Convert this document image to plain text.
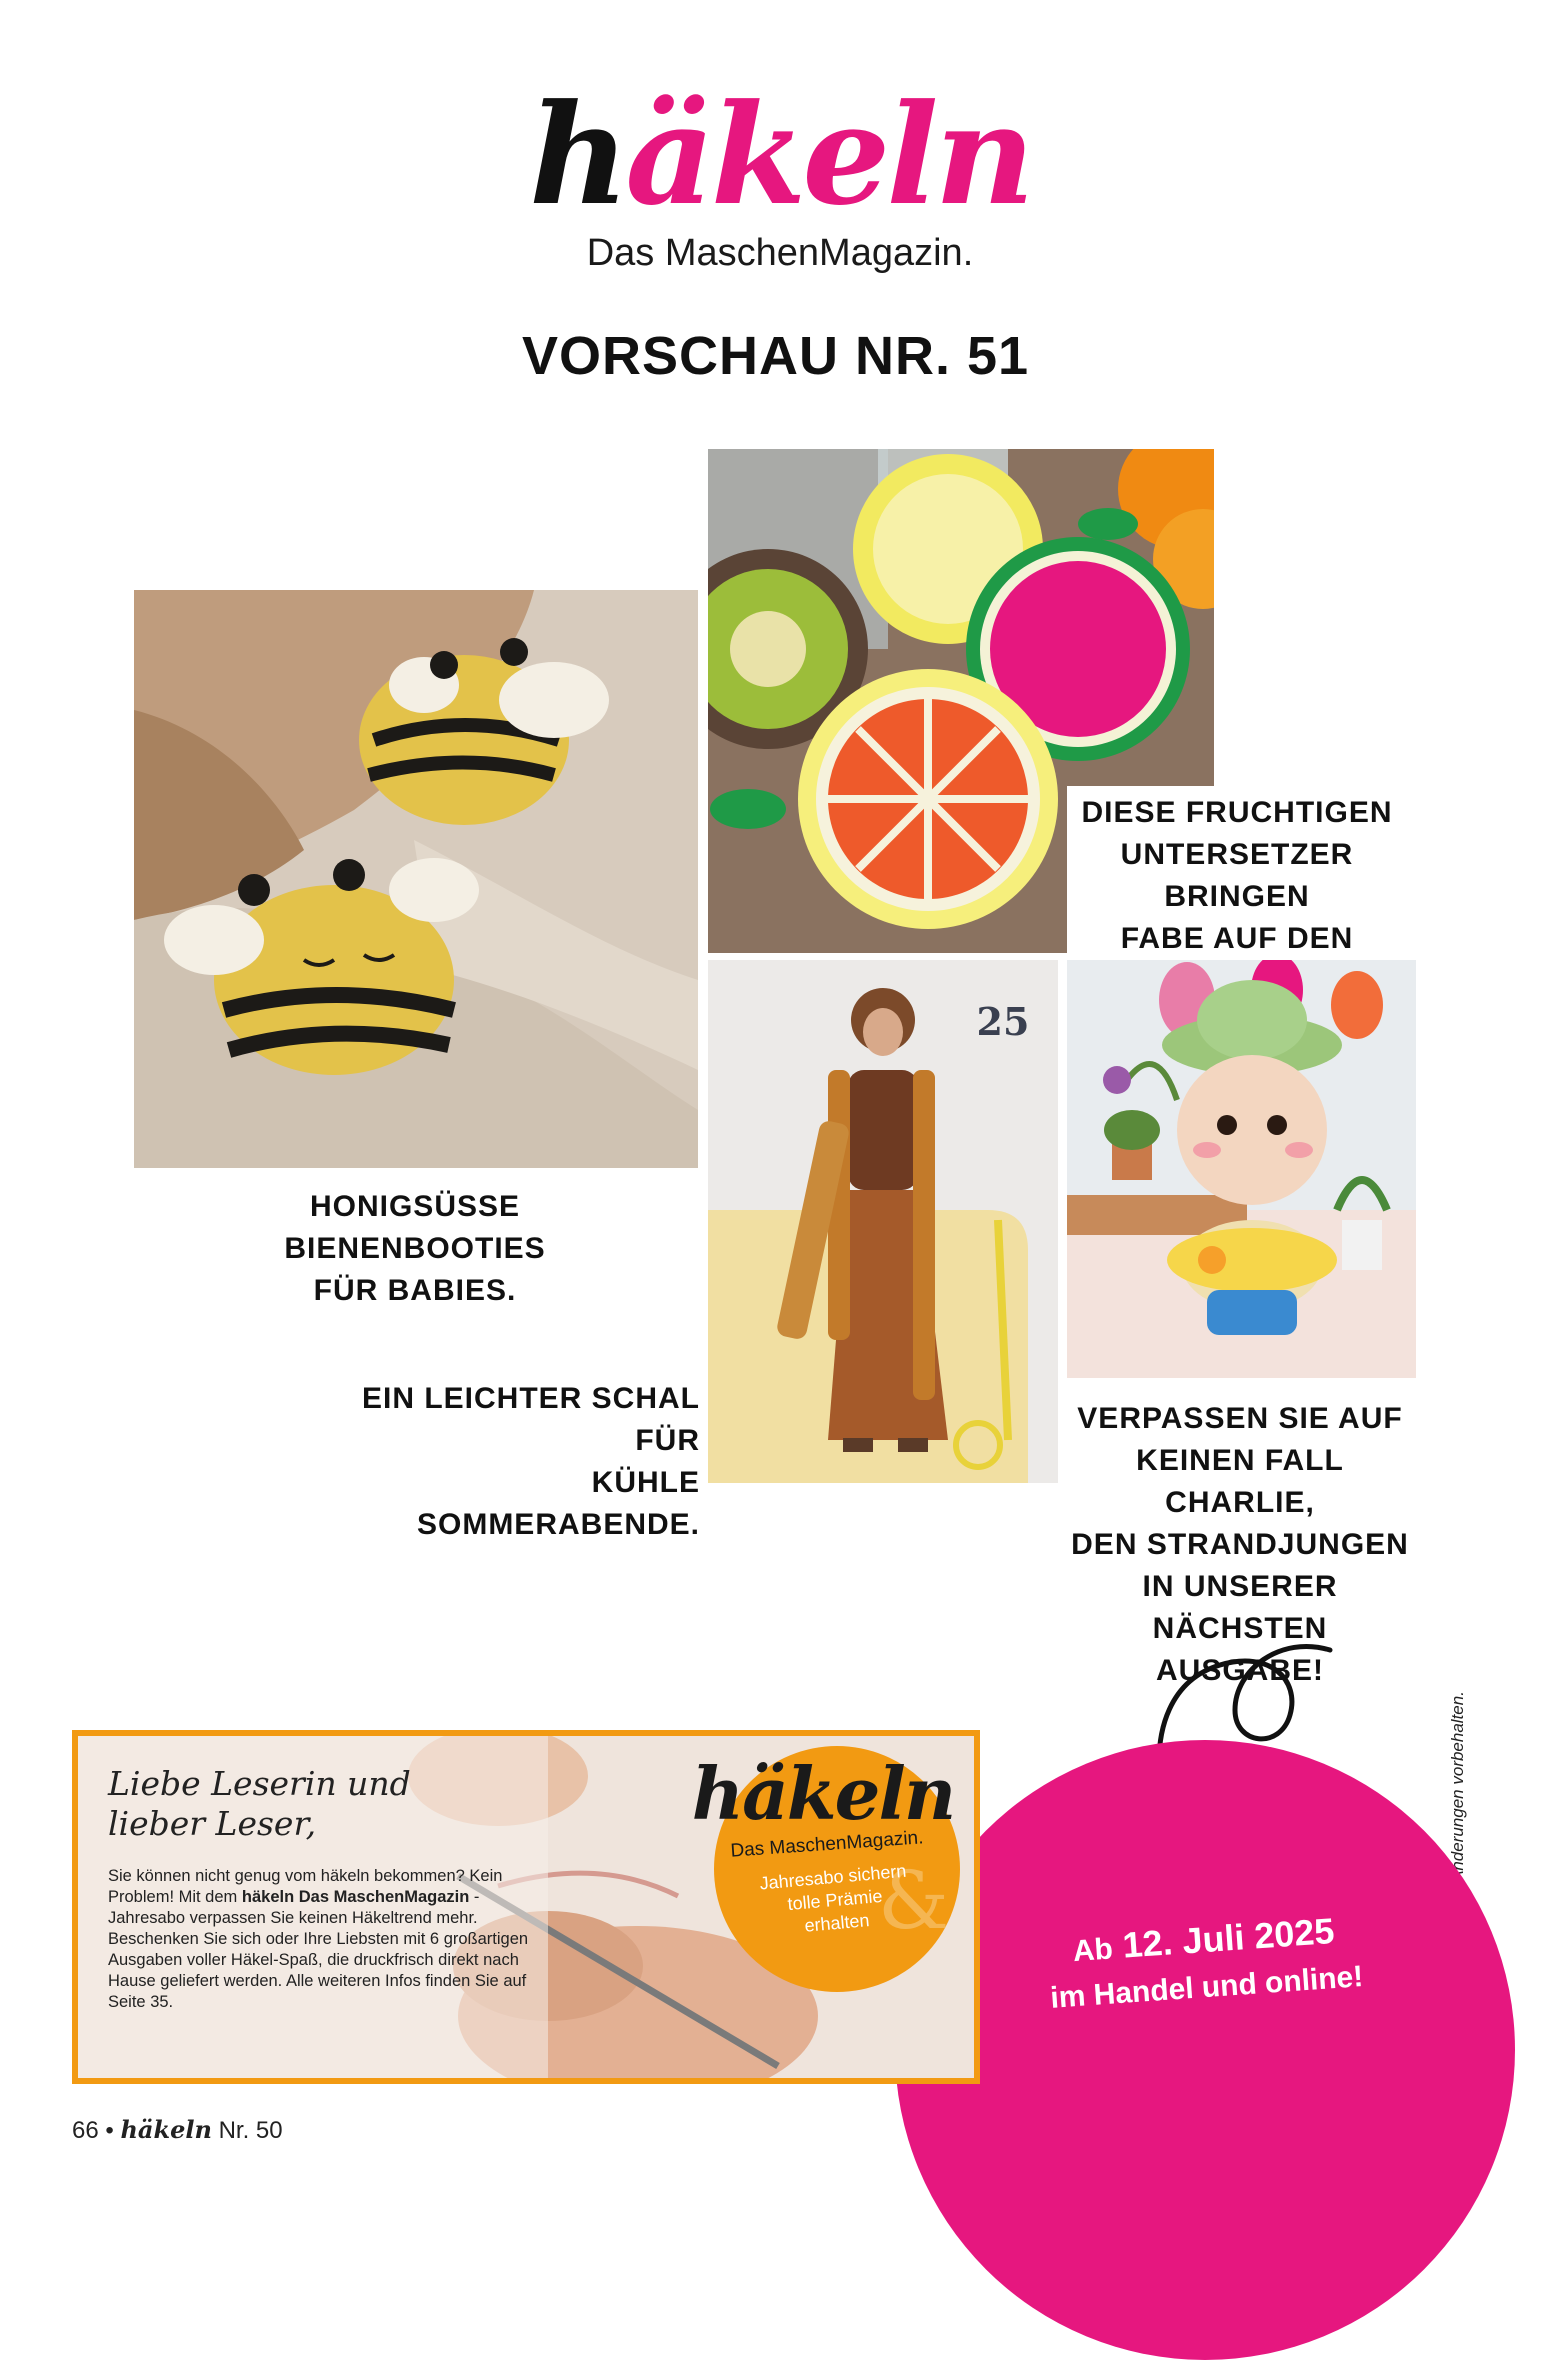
häkeln
Das MaschenMagazin.
VORSCHAU NR. 51
DIESE FRUCHTIGEN
UNTERSETZER BRINGEN
FABE AUF DEN
25
EIN LEICHTER SCHAL FÜR
KÜHLE SOMMERABENDE.
HONIGSÜSSE BIENENBOOTIES
FÜR BABIES.
VERPASSEN SIE AUF
KEINEN FALL CHARLIE,
DEN STRANDJUNGEN
IN UNSERER NÄCHSTEN
AUSGABE!
Änderungen vorbehalten.
Ab 12. Juli 2025
im Handel und online!
Liebe Leserin und
lieber Leser,
Sie können nicht genug vom häkeln bekommen? Kein Problem! Mit dem häkeln Das MaschenMagazin -Jahresabo verpassen Sie keinen Häkeltrend mehr. Beschenken Sie sich oder Ihre Liebsten mit 6 großartigen Ausgaben voller Häkel-Spaß, die druckfrisch direkt nach Hause geliefert werden. Alle weiteren Infos finden Sie auf Seite 35.
&
häkeln
Das MaschenMagazin.
Jahresabo sichern
tolle Prämie
erhalten
66 • häkeln Nr. 50
